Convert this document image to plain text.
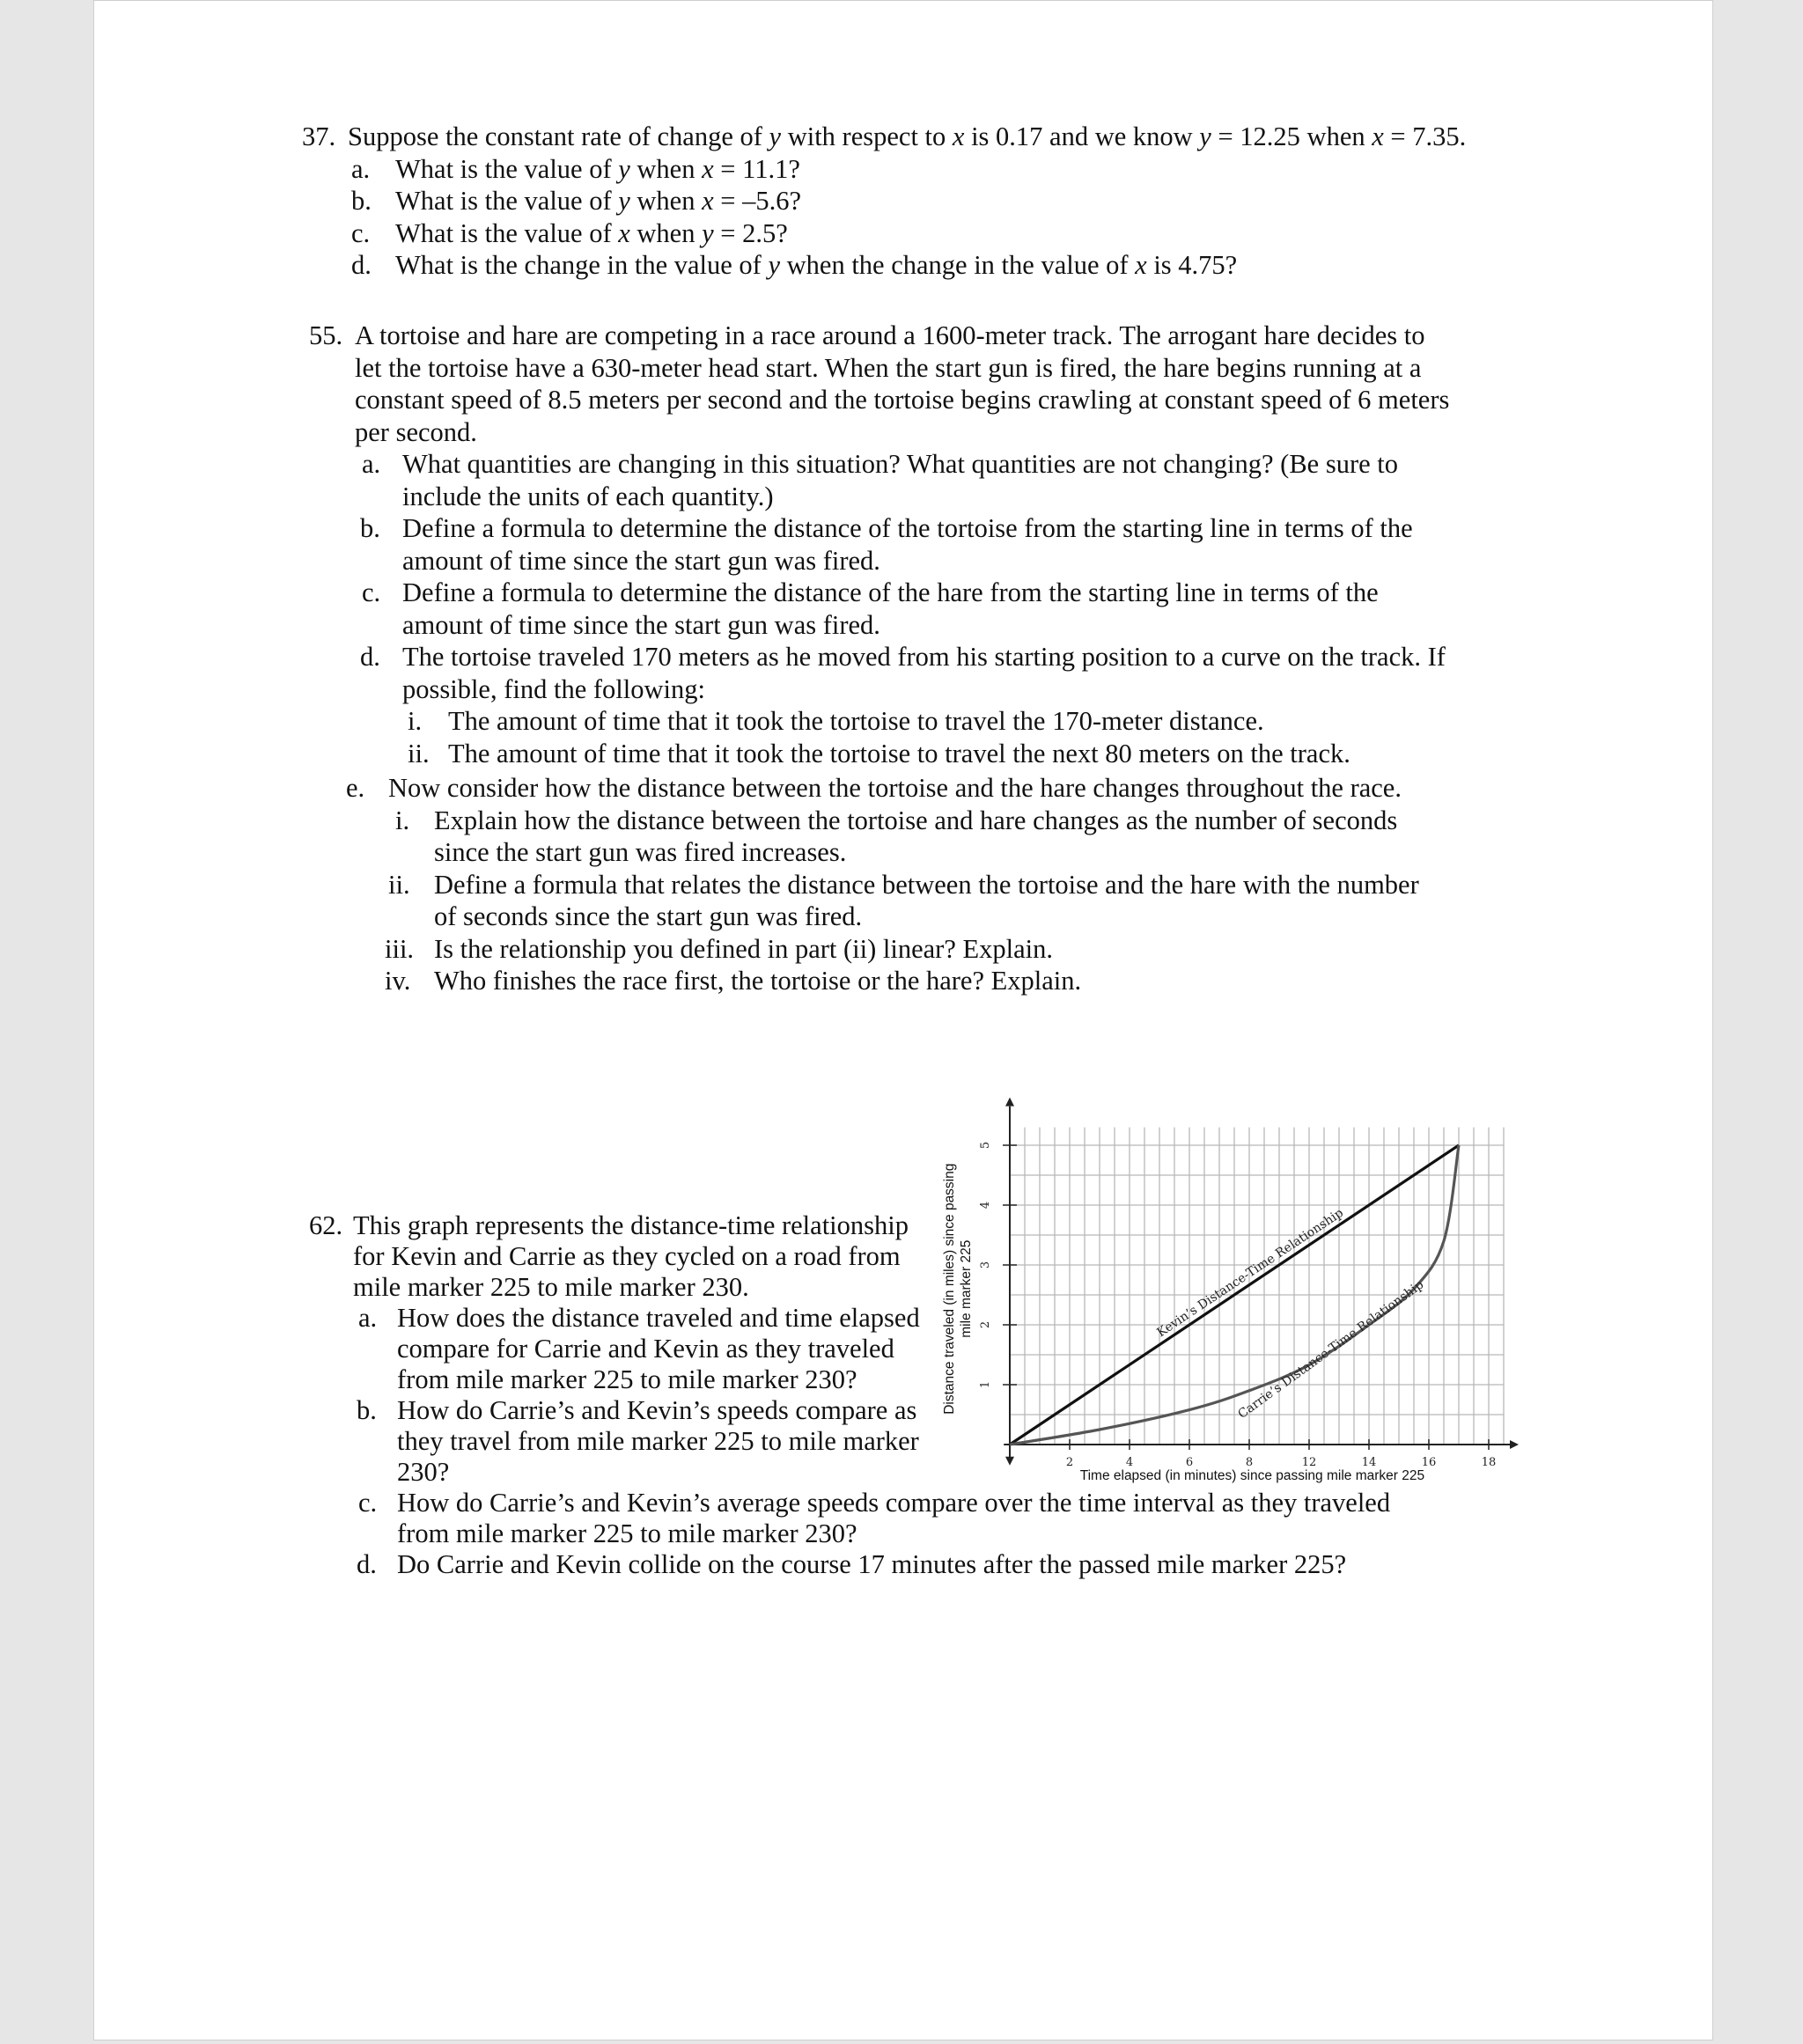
37. Suppose the constant rate of change of y with respect to x is 0.17 and we know y = 12.25 when x = 7.35.
a. What is the value of y when x = 11.1?
b. What is the value of y when x = –5.6?
c. What is the value of x when y = 2.5?
d. What is the change in the value of y when the change in the value of x is 4.75?
55. A tortoise and hare are competing in a race around a 1600-meter track. The arrogant hare decides to
let the tortoise have a 630-meter head start. When the start gun is fired, the hare begins running at a
constant speed of 8.5 meters per second and the tortoise begins crawling at constant speed of 6 meters
per second.
a. What quantities are changing in this situation? What quantities are not changing? (Be sure to
include the units of each quantity.)
b. Define a formula to determine the distance of the tortoise from the starting line in terms of the
amount of time since the start gun was fired.
c. Define a formula to determine the distance of the hare from the starting line in terms of the
amount of time since the start gun was fired.
d. The tortoise traveled 170 meters as he moved from his starting position to a curve on the track. If
possible, find the following:
i. The amount of time that it took the tortoise to travel the 170-meter distance.
ii. The amount of time that it took the tortoise to travel the next 80 meters on the track.
e. Now consider how the distance between the tortoise and the hare changes throughout the race.
i. Explain how the distance between the tortoise and hare changes as the number of seconds
since the start gun was fired increases.
ii. Define a formula that relates the distance between the tortoise and the hare with the number
of seconds since the start gun was fired.
iii. Is the relationship you defined in part (ii) linear? Explain.
iv. Who finishes the race first, the tortoise or the hare? Explain.
62. This graph represents the distance-time relationship
for Kevin and Carrie as they cycled on a road from
mile marker 225 to mile marker 230.
a. How does the distance traveled and time elapsed
compare for Carrie and Kevin as they traveled
from mile marker 225 to mile marker 230?
b. How do Carrie’s and Kevin’s speeds compare as
they travel from mile marker 225 to mile marker
230?
c. How do Carrie’s and Kevin’s average speeds compare over the time interval as they traveled
from mile marker 225 to mile marker 230?
d. Do Carrie and Kevin collide on the course 17 minutes after the passed mile marker 225?
2	4	6	8	12	14	16	18
1
2
3
4
5
Kevin’s Distance-Time Relationship
Carrie’s Distance-Time Relationship
Time elapsed (in minutes) since passing mile marker 225
Distance traveled (in miles) since passing mile marker 225
